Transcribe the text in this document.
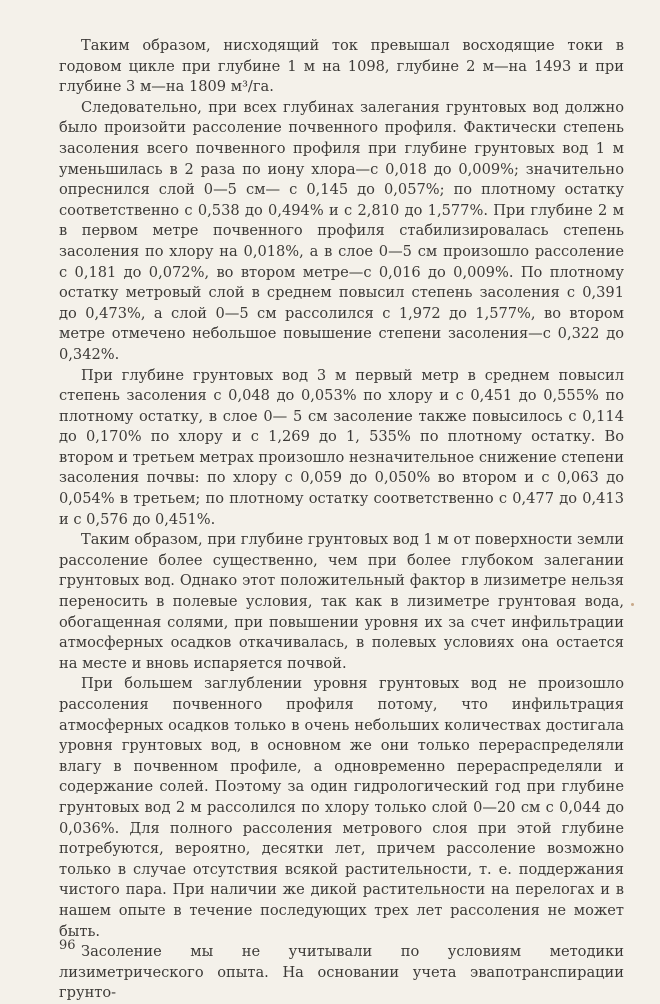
Таким образом, нисходящий ток превышал восходящие токи в годовом цикле при глубине 1 м на 1098, глубине 2 м—на 1493 и при глубине 3 м—на 1809 м³/га.

Следовательно, при всех глубинах залегания грунтовых вод должно было произойти рассоление почвенного профиля. Фактически степень засоления всего почвенного профиля при глубине грунтовых вод 1 м уменьшилась в 2 раза по иону хлора—с 0,018 до 0,009%; значительно опреснился слой 0—5 см— с 0,145 до 0,057%; по плотному остатку соответственно с 0,538 до 0,494% и с 2,810 до 1,577%. При глубине 2 м в первом метре почвенного профиля стабилизировалась степень засоления по хлору на 0,018%, а в слое 0—5 см произошло рассоление с 0,181 до 0,072%, во втором метре—с 0,016 до 0,009%. По плотному остатку метровый слой в среднем повысил степень засоления с 0,391 до 0,473%, а слой 0—5 см рассолился с 1,972 до 1,577%, во втором метре отмечено небольшое повышение степени засоления—с 0,322 до 0,342%.

При глубине грунтовых вод 3 м первый метр в среднем повысил степень засоления с 0,048 до 0,053% по хлору и с 0,451 до 0,555% по плотному остатку, в слое 0— 5 см засоление также повысилось с 0,114 до 0,170% по хлору и с 1,269 до 1, 535% по плотному остатку. Во втором и третьем метрах произошло незначительное снижение степени засоления почвы: по хлору с 0,059 до 0,050% во втором и с 0,063 до 0,054% в третьем; по плотному остатку соответственно с 0,477 до 0,413 и с 0,576 до 0,451%.

Таким образом, при глубине грунтовых вод 1 м от поверхности земли рассоление более существенно, чем при более глубоком залегании грунтовых вод. Однако этот положительный фактор в лизиметре нельзя переносить в полевые условия, так как в лизиметре грунтовая вода, обогащенная солями, при повышении уровня их за счет инфильтрации атмосферных осадков откачивалась, в полевых условиях она остается на месте и вновь испаряется почвой.

При большем заглублении уровня грунтовых вод не произошло рассоления почвенного профиля потому, что инфильтрация атмосферных осадков только в очень небольших количествах достигала уровня грунтовых вод, в основном же они только перераспределяли влагу в почвенном профиле, а одновременно перераспределяли и содержание солей. Поэтому за один гидрологический год при глубине грунтовых вод 2 м рассолился по хлору только слой 0—20 см с 0,044 до 0,036%. Для полного рассоления метрового слоя при этой глубине потребуются, вероятно, десятки лет, причем рассоление возможно только в случае отсутствия всякой растительности, т. е. поддержания чистого пара. При наличии же дикой растительности на перелогах и в нашем опыте в течение последующих трех лет рассоления не может быть.

Засоление мы не учитывали по условиям методики лизиметрического опыта. На основании учета эвапотранспирации грунто-

96
